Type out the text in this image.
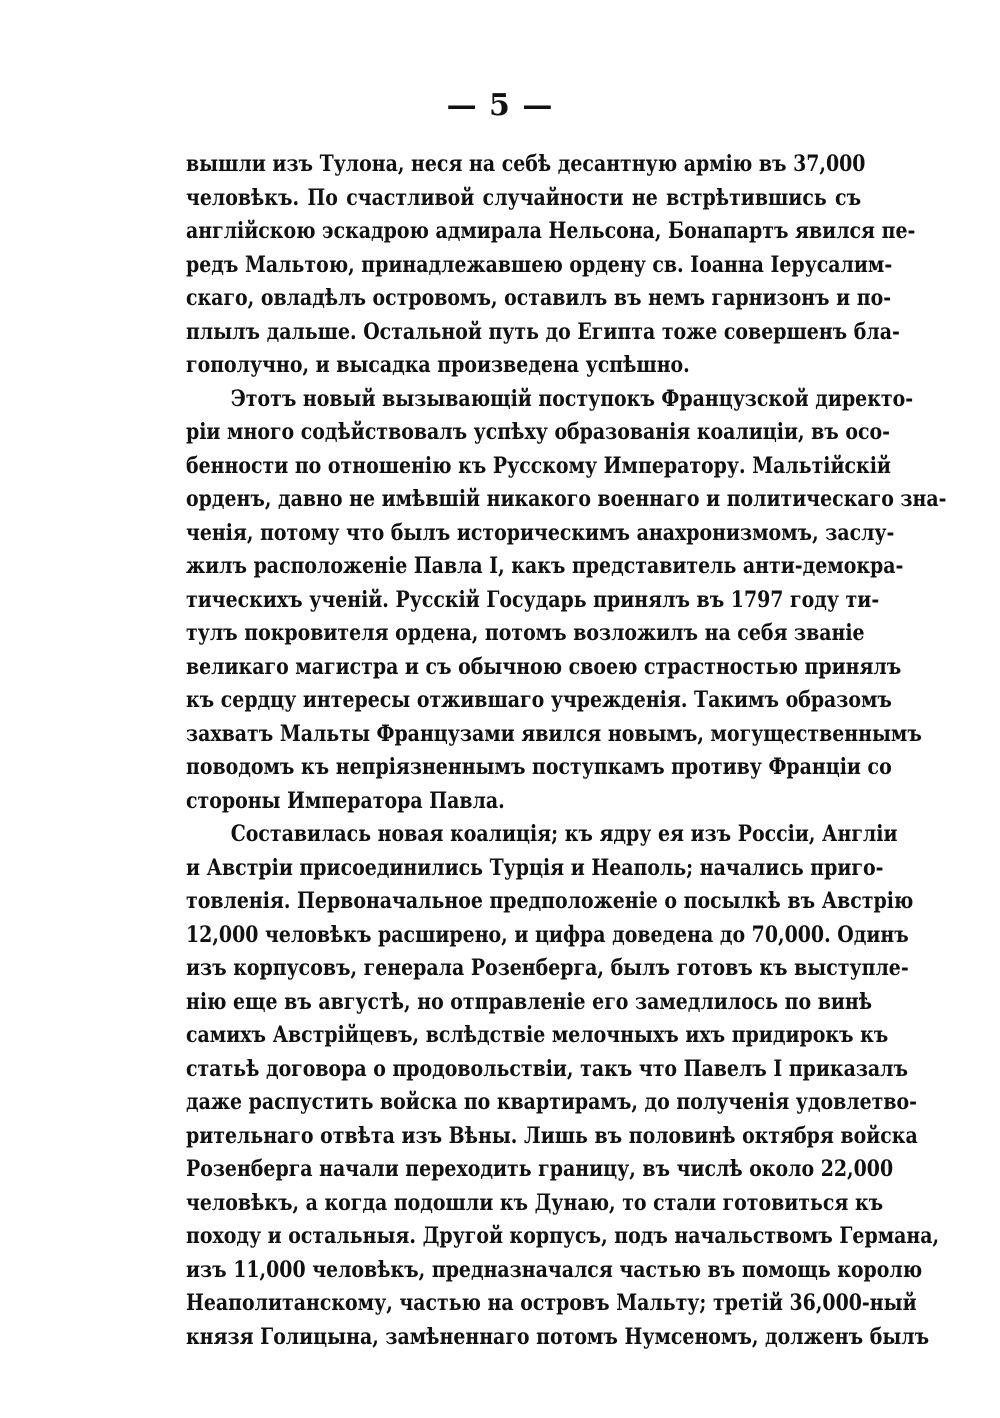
— 5 —
вышли изъ Тулона, неся на себѣ десантную армію въ 37,000
человѣкъ. По счастливой случайности не встрѣтившись съ
англійскою эскадрою адмирала Нельсона, Бонапартъ явился пе-
редъ Мальтою, принадлежавшею ордену св. Іоанна Іерусалим-
скаго, овладѣлъ островомъ, оставилъ въ немъ гарнизонъ и по-
плылъ дальше. Остальной путь до Египта тоже совершенъ бла-
гополучно, и высадка произведена успѣшно.
Этотъ новый вызывающій поступокъ Французской директо-
ріи много содѣйствовалъ успѣху образованія коалиціи, въ осо-
бенности по отношенію къ Русскому Императору. Мальтійскій
орденъ, давно не имѣвшій никакого военнаго и политическаго зна-
ченія, потому что былъ историческимъ анахронизмомъ, заслу-
жилъ расположеніе Павла I, какъ представитель анти-демокра-
тическихъ ученій. Русскій Государь принялъ въ 1797 году ти-
тулъ покровителя ордена, потомъ возложилъ на себя званіе
великаго магистра и съ обычною своею страстностью принялъ
къ сердцу интересы отжившаго учрежденія. Такимъ образомъ
захватъ Мальты Французами явился новымъ, могущественнымъ
поводомъ къ непріязненнымъ поступкамъ противу Франціи со
стороны Императора Павла.
Составилась новая коалиція; къ ядру ея изъ Россіи, Англіи
и Австріи присоединились Турція и Неаполь; начались приго-
товленія. Первоначальное предположеніе о посылкѣ въ Австрію
12,000 человѣкъ расширено, и цифра доведена до 70,000. Одинъ
изъ корпусовъ, генерала Розенберга, былъ готовъ къ выступле-
нію еще въ августѣ, но отправленіе его замедлилось по винѣ
самихъ Австрійцевъ, вслѣдствіе мелочныхъ ихъ придирокъ къ
статьѣ договора о продовольствіи, такъ что Павелъ I приказалъ
даже распустить войска по квартирамъ, до полученія удовлетво-
рительнаго отвѣта изъ Вѣны. Лишь въ половинѣ октября войска
Розенберга начали переходить границу, въ числѣ около 22,000
человѣкъ, а когда подошли къ Дунаю, то стали готовиться къ
походу и остальныя. Другой корпусъ, подъ начальствомъ Германа,
изъ 11,000 человѣкъ, предназначался частью въ помощь королю
Неаполитанскому, частью на островъ Мальту; третій 36,000-ный
князя Голицына, замѣненнаго потомъ Нумсеномъ, долженъ былъ
